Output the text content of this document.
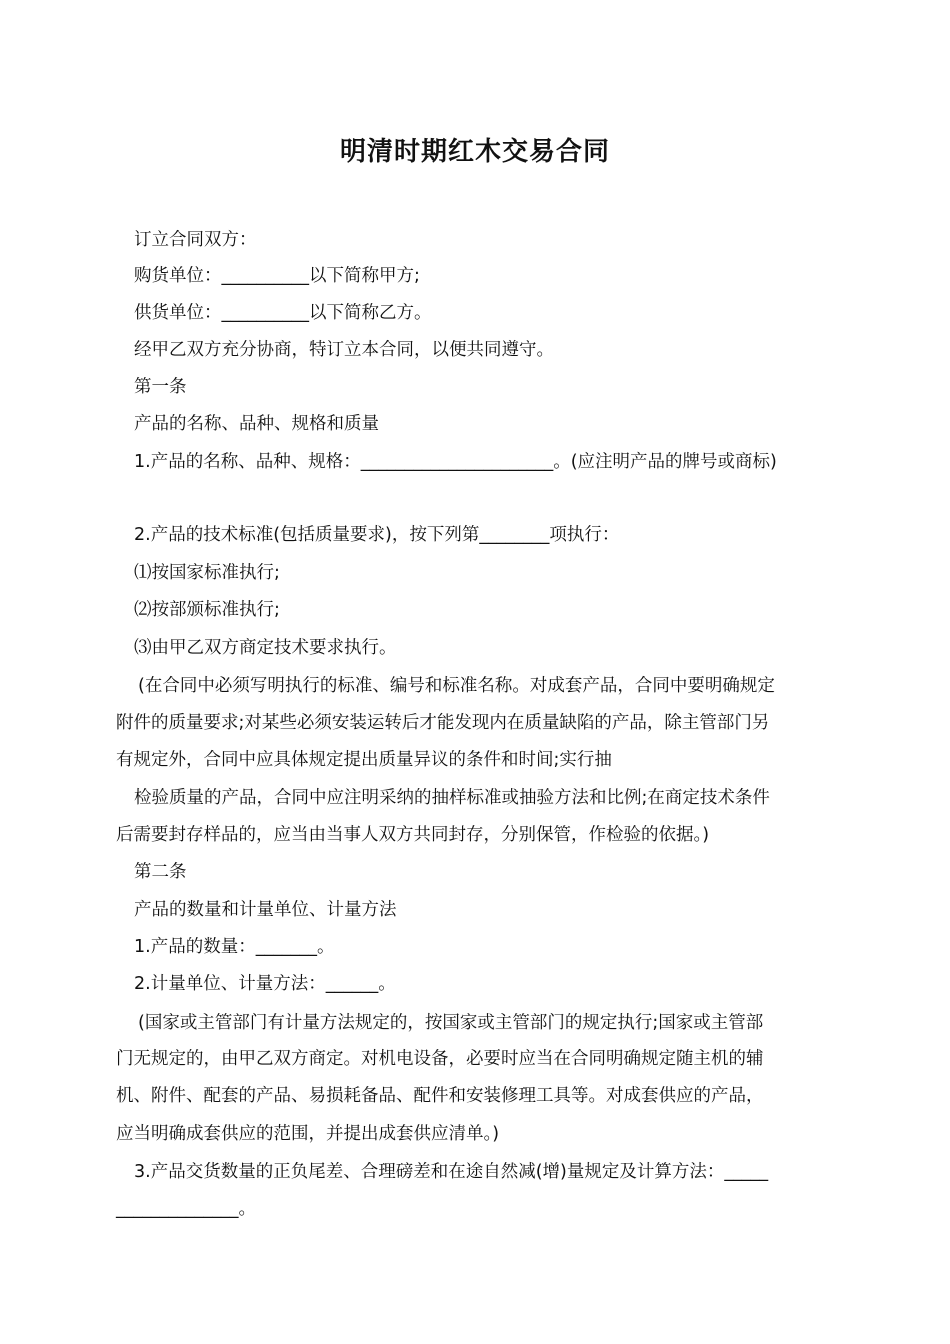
明清时期红木交易合同

订立合同双方：

购货单位：__________以下简称甲方;

供货单位：__________以下简称乙方。

经甲乙双方充分协商，特订立本合同，以便共同遵守。

第一条

产品的名称、品种、规格和质量

1.产品的名称、品种、规格：______________________。(应注明产品的牌号或商标)

2.产品的技术标准(包括质量要求)，按下列第________项执行：

⑴按国家标准执行;

⑵按部颁标准执行;

⑶由甲乙双方商定技术要求执行。

(在合同中必须写明执行的标准、编号和标准名称。对成套产品，合同中要明确规定

附件的质量要求;对某些必须安装运转后才能发现内在质量缺陷的产品，除主管部门另

有规定外，合同中应具体规定提出质量异议的条件和时间;实行抽

检验质量的产品，合同中应注明采纳的抽样标准或抽验方法和比例;在商定技术条件

后需要封存样品的，应当由当事人双方共同封存，分别保管，作检验的依据。)

第二条

产品的数量和计量单位、计量方法

1.产品的数量：_______。

2.计量单位、计量方法：______。

(国家或主管部门有计量方法规定的，按国家或主管部门的规定执行;国家或主管部

门无规定的，由甲乙双方商定。对机电设备，必要时应当在合同明确规定随主机的辅

机、附件、配套的产品、易损耗备品、配件和安装修理工具等。对成套供应的产品，

应当明确成套供应的范围，并提出成套供应清单。)

3.产品交货数量的正负尾差、合理磅差和在途自然减(增)量规定及计算方法：_____

______________。
